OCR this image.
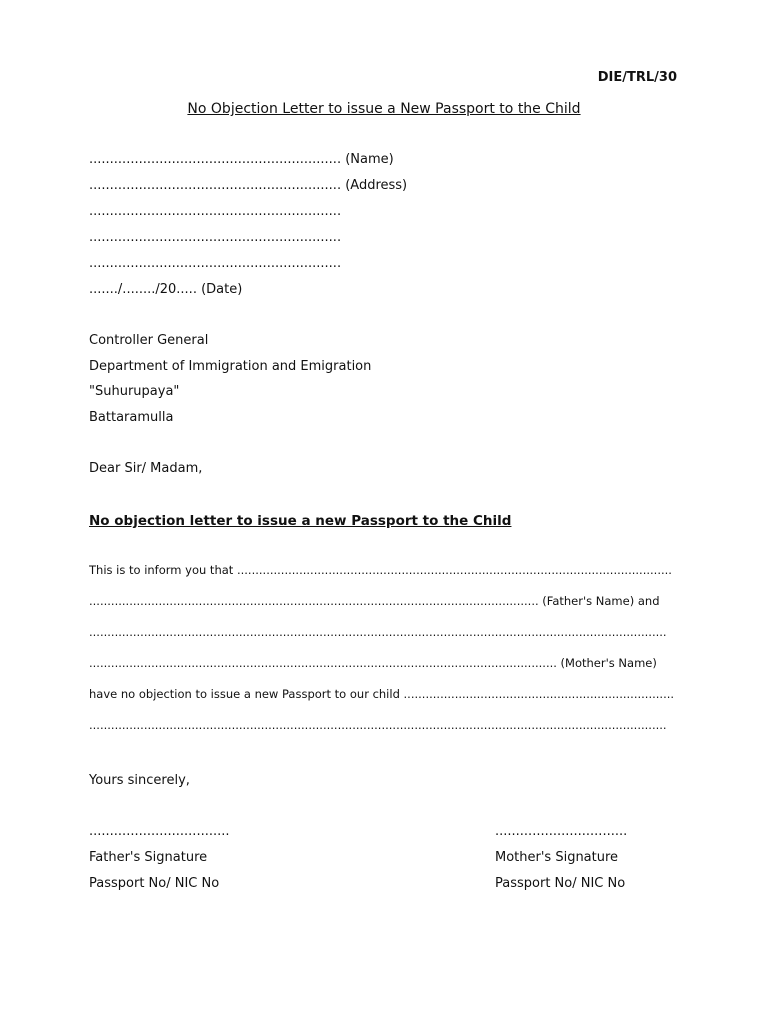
DIE/TRL/30
No Objection Letter to issue a New Passport to the Child
............................................................. (Name)
............................................................. (Address)
.............................................................
.............................................................
.............................................................
......./......../20..... (Date)
Controller General
Department of Immigration and Emigration
"Suhurupaya"
Battaramulla
Dear Sir/ Madam,
No objection letter to issue a new Passport to the Child
This is to inform you that .......................................................................................................................
........................................................................................................................... (Father's Name) and
..............................................................................................................................................................
................................................................................................................................ (Mother's Name)
have no objection to issue a new Passport to our child ..........................................................................
..............................................................................................................................................................
Yours sincerely,
..................................
Father's Signature
Passport No/ NIC No
................................
Mother's Signature
Passport No/ NIC No
